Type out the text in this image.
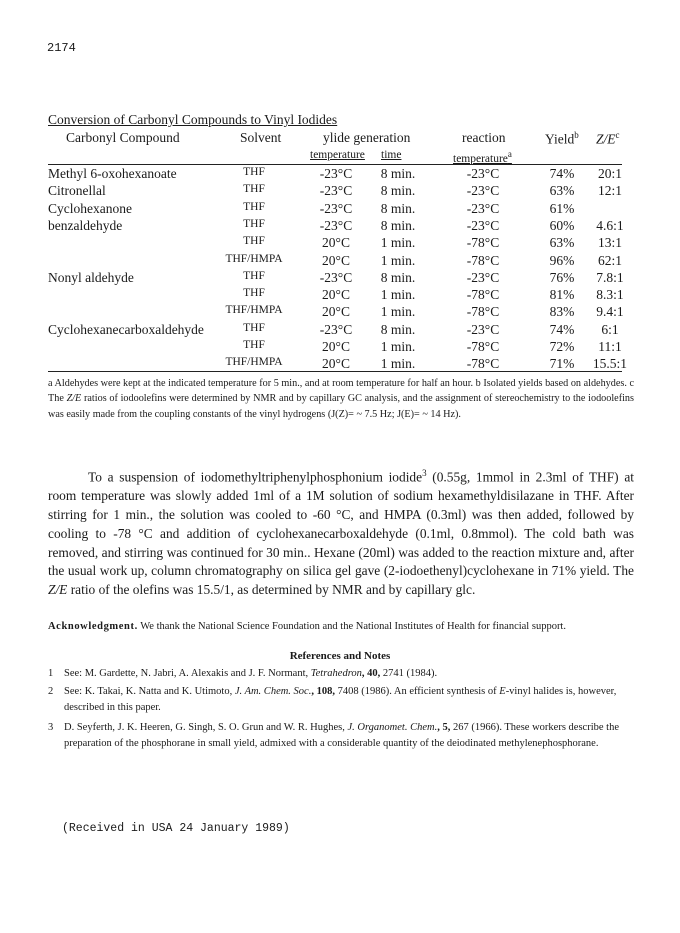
2174
Conversion of Carbonyl Compounds to Vinyl Iodides
Carbonyl Compound	Solvent	ylide generation	reaction	Yield$^b$ $Z/E^c$
temperature time	temperature$^a$
Methyl 6-oxohexanoate	THF	-23°C 8 min.	-23°C	74% 20:1
Citronellal	THF	-23°C 8 min.	-23°C	63% 12:1
Cyclohexanone	THF	-23°C 8 min.	-23°C	61%
benzaldehyde	THF	-23°C 8 min.	-23°C	60% 4.6:1
THF	20°C 1 min.	-78°C	63% 13:1
THF/HMPA	20°C 1 min.	-78°C	96% 62:1
Nonyl aldehyde	THF	-23°C 8 min.	-23°C	76% 7.8:1
THF	20°C 1 min.	-78°C	81% 8.3:1
THF/HMPA	20°C 1 min.	-78°C	83% 9.4:1
Cyclohexanecarboxaldehyde	THF	-23°C 8 min.	-23°C	74% 6:1
THF	20°C 1 min.	-78°C	72% 11:1
THF/HMPA	20°C 1 min.	-78°C	71% 15.5:1
a Aldehydes were kept at the indicated temperature for 5 min., and at room temperature for half an hour. b Isolated yields based on aldehydes. c The Z/E ratios of iodoolefins were determined by NMR and by capillary GC analysis, and the assignment of stereochemistry to the iodoolefins was easily made from the coupling constants of the vinyl hydrogens (J(Z)= ~ 7.5 Hz; J(E)= ~ 14 Hz).

To a suspension of iodomethyltriphenylphosphonium iodide$^3$ (0.55g, 1mmol in 2.3ml of THF) at room temperature was slowly added 1ml of a 1M solution of sodium hexamethyldisilazane in THF. After stirring for 1 min., the solution was cooled to -60 °C, and HMPA (0.3ml) was then added, followed by cooling to -78 °C and addition of cyclohexanecarboxaldehyde (0.1ml, 0.8mmol). The cold bath was removed, and stirring was continued for 30 min.. Hexane (20ml) was added to the reaction mixture and, after the usual work up, column chromatography on silica gel gave (2-iodoethenyl)cyclohexane in 71% yield. The Z/E ratio of the olefins was 15.5/1, as determined by NMR and by capillary glc.

Acknowledgment. We thank the National Science Foundation and the National Institutes of Health for financial support.
References and Notes
1 See: M. Gardette, N. Jabri, A. Alexakis and J. F. Normant, Tetrahedron, 40, 2741 (1984).
2 See: K. Takai, K. Natta and K. Utimoto, J. Am. Chem. Soc., 108, 7408 (1986). An efficient synthesis of E-vinyl halides is, however, described in this paper.
3 D. Seyferth, J. K. Heeren, G. Singh, S. O. Grun and W. R. Hughes, J. Organomet. Chem., 5, 267 (1966). These workers describe the preparation of the phosphorane in small yield, admixed with a considerable quantity of the deiodinated methylenephosphorane.
(Received in USA 24 January 1989)
